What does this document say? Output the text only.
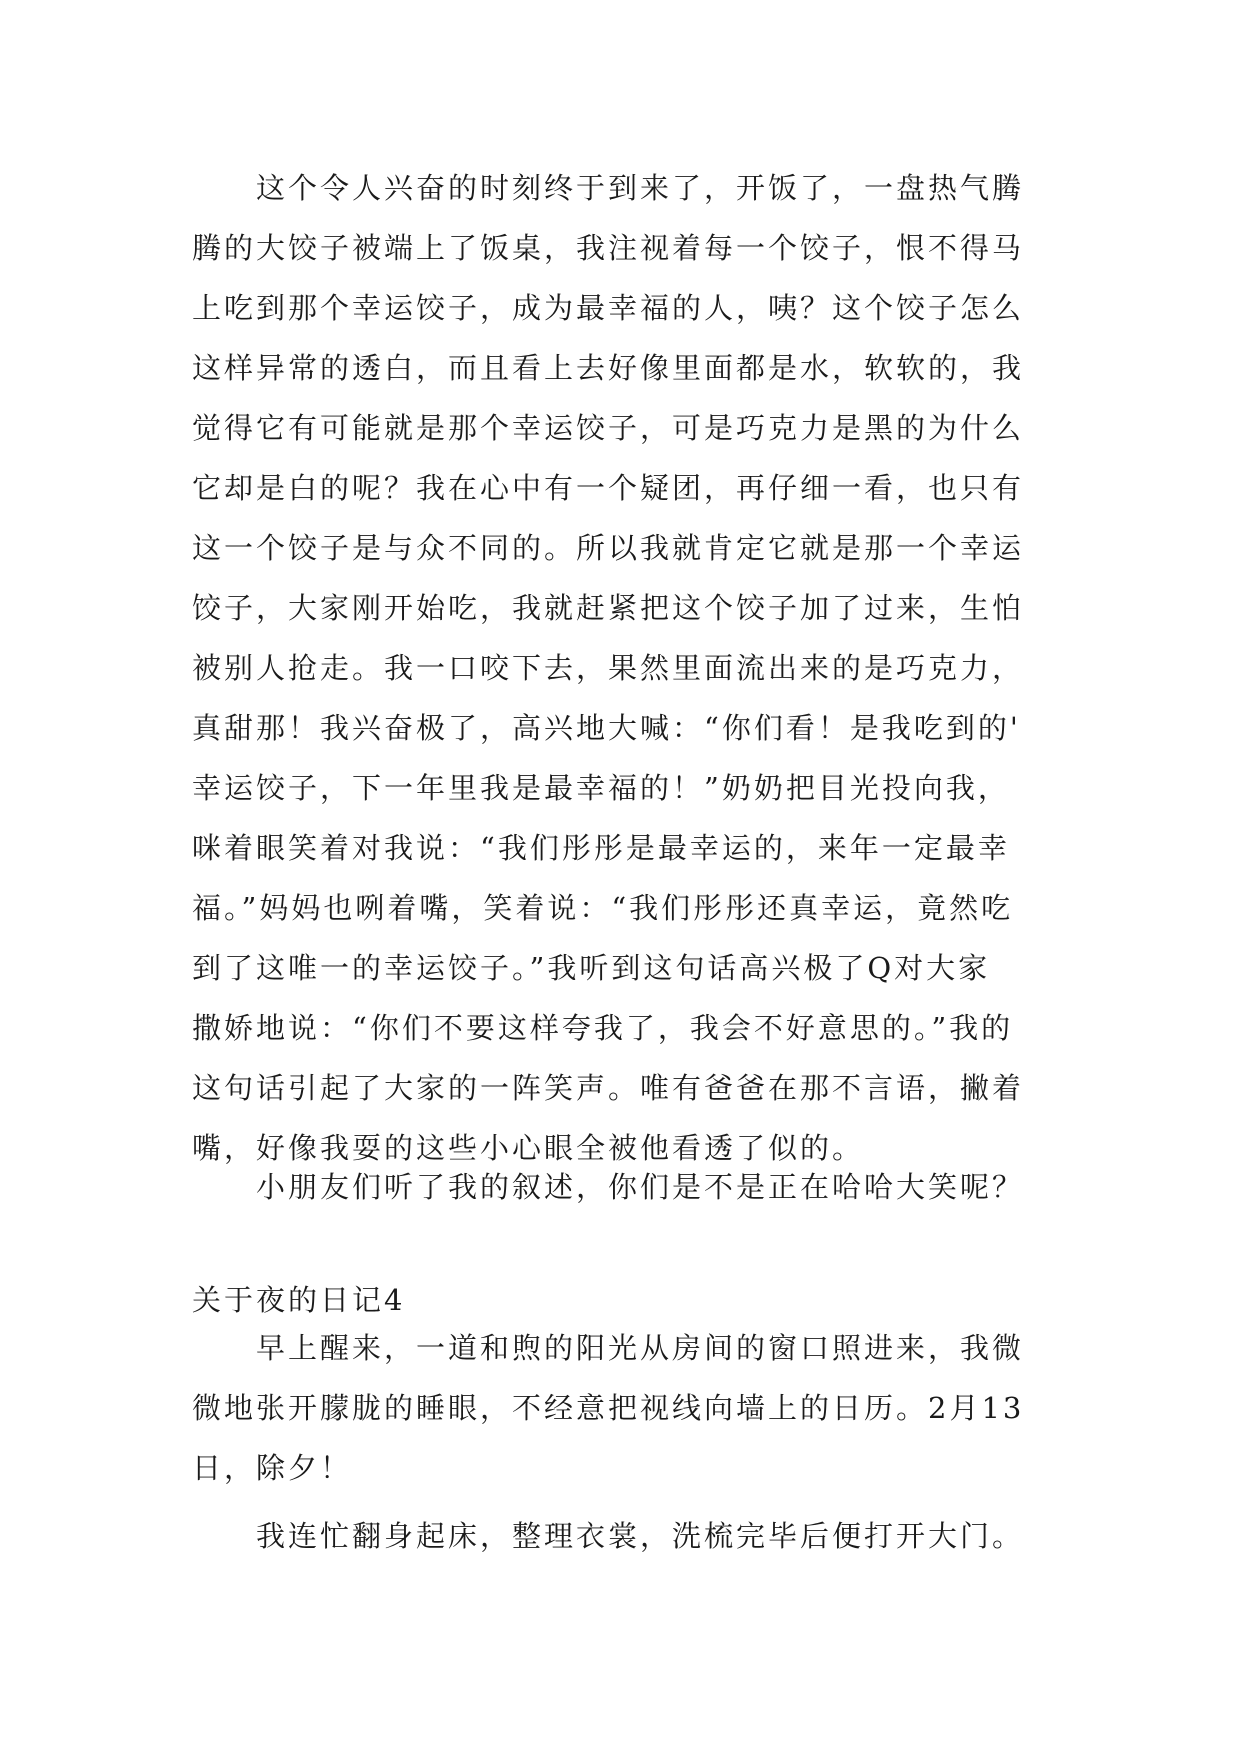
　　这个令人兴奋的时刻终于到来了，开饭了，一盘热气腾
腾的大饺子被端上了饭桌，我注视着每一个饺子，恨不得马
上吃到那个幸运饺子，成为最幸福的人，咦？这个饺子怎么
这样异常的透白，而且看上去好像里面都是水，软软的，我
觉得它有可能就是那个幸运饺子，可是巧克力是黑的为什么
它却是白的呢？我在心中有一个疑团，再仔细一看，也只有
这一个饺子是与众不同的。所以我就肯定它就是那一个幸运
饺子，大家刚开始吃，我就赶紧把这个饺子加了过来，生怕
被别人抢走。我一口咬下去，果然里面流出来的是巧克力，
真甜那！我兴奋极了，高兴地大喊：“你们看！是我吃到的'
幸运饺子，下一年里我是最幸福的！”奶奶把目光投向我，
咪着眼笑着对我说：“我们彤彤是最幸运的，来年一定最幸
福。”妈妈也咧着嘴，笑着说：“我们彤彤还真幸运，竟然吃
到了这唯一的幸运饺子。”我听到这句话高兴极了Q对大家
撒娇地说：“你们不要这样夸我了，我会不好意思的。”我的
这句话引起了大家的一阵笑声。唯有爸爸在那不言语，撇着
嘴，好像我耍的这些小心眼全被他看透了似的。
　　小朋友们听了我的叙述，你们是不是正在哈哈大笑呢？
关于夜的日记4
　　早上醒来，一道和煦的阳光从房间的窗口照进来，我微
微地张开朦胧的睡眼，不经意把视线向墙上的日历。2月13
日，除夕！
　　我连忙翻身起床，整理衣裳，洗梳完毕后便打开大门。
